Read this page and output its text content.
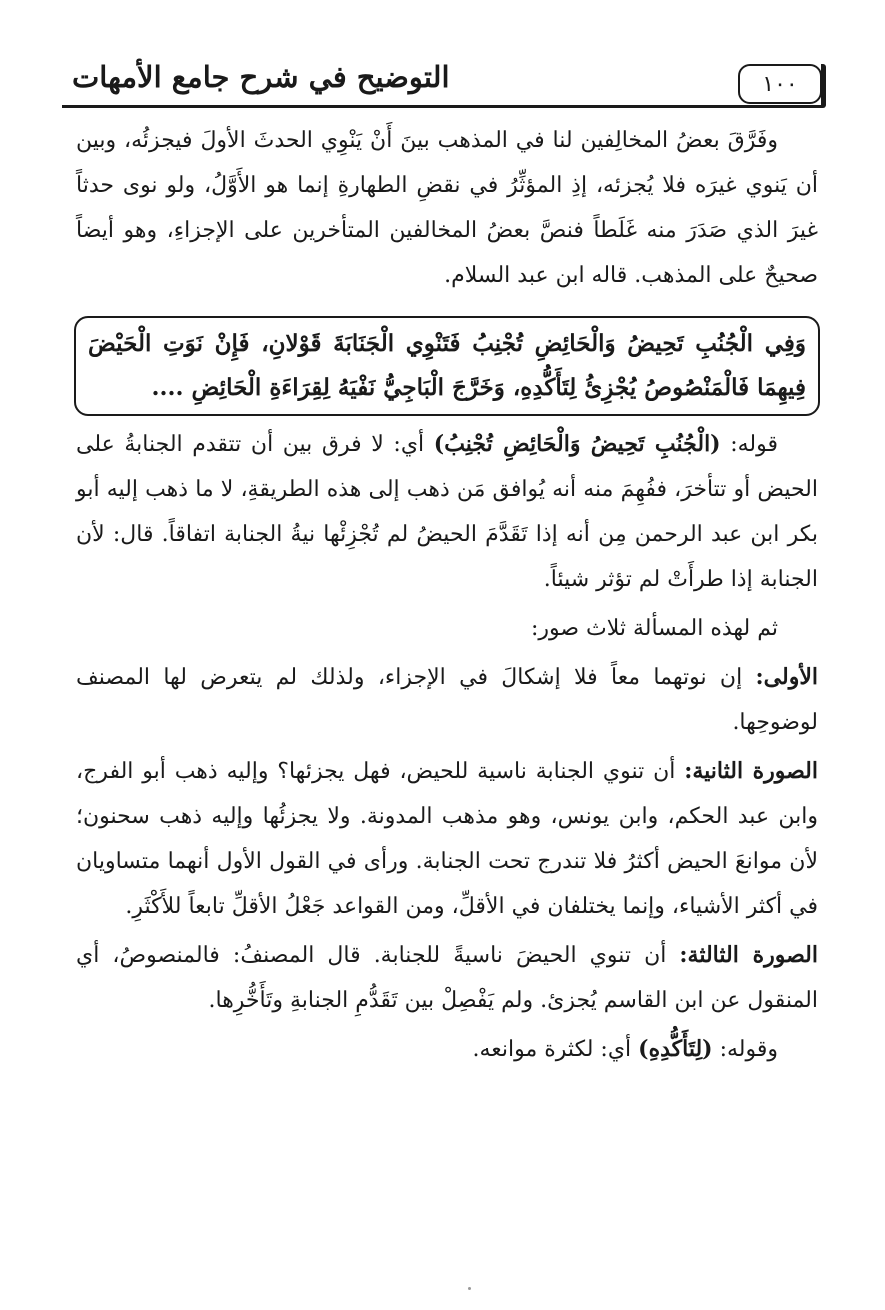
١٠٠
التوضيح في شرح جامع الأمهات

وفَرَّقَ بعضُ المخالِفين لنا في المذهب بينَ أَنْ يَنْوِي الحدثَ الأولَ فيجزئُه، وبين أن يَنوي غيرَه فلا يُجزئه، إذِ المؤثِّرُ في نقضِ الطهارةِ إنما هو الأَوَّلُ، ولو نوى حدثاً غيرَ الذي صَدَرَ منه غَلَطاً فنصَّ بعضُ المخالفين المتأخرين على الإجزاءِ، وهو أيضاً صحيحٌ على المذهب. قاله ابن عبد السلام.

وَفِي الْجُنُبِ تَحِيضُ وَالْحَائِضِ تُجْنِبُ فَتَنْوِي الْجَنَابَةَ قَوْلانِ، فَإِنْ نَوَتِ الْحَيْضَ فِيهِمَا فَالْمَنْصُوصُ يُجْزِئُ لِتَأَكُّدِهِ، وَخَرَّجَ الْبَاجِيُّ نَفْيَهُ لِقِرَاءَةِ الْحَائِضِ ....

قوله: (الْجُنُبِ تَحِيضُ وَالْحَائِضِ تُجْنِبُ) أي: لا فرق بين أن تتقدم الجنابةُ على الحيض أو تتأخرَ، ففُهِمَ منه أنه يُوافق مَن ذهب إلى هذه الطريقةِ، لا ما ذهب إليه أبو بكر ابن عبد الرحمن مِن أنه إذا تَقَدَّمَ الحيضُ لم تُجْزِئْها نيةُ الجنابة اتفاقاً. قال: لأن الجنابة إذا طرأَتْ لم تؤثر شيئاً.

ثم لهذه المسألة ثلاث صور:

الأولى: إن نوتهما معاً فلا إشكالَ في الإجزاء، ولذلك لم يتعرض لها المصنف لوضوحِها.

الصورة الثانية: أن تنوي الجنابة ناسية للحيض، فهل يجزئها؟ وإليه ذهب أبو الفرج، وابن عبد الحكم، وابن يونس، وهو مذهب المدونة. ولا يجزئُها وإليه ذهب سحنون؛ لأن موانعَ الحيض أكثرُ فلا تندرج تحت الجنابة. ورأى في القول الأول أنهما متساويان في أكثر الأشياء، وإنما يختلفان في الأقلِّ، ومن القواعد جَعْلُ الأقلِّ تابعاً للأَكْثَرِ.

الصورة الثالثة: أن تنوي الحيضَ ناسيةً للجنابة. قال المصنفُ: فالمنصوصُ، أي المنقول عن ابن القاسم يُجزئ. ولم يَفْصِلْ بين تَقَدُّمِ الجنابةِ وتَأَخُّرِها.

وقوله: (لِتَأَكُّدِهِ) أي: لكثرة موانعه.
